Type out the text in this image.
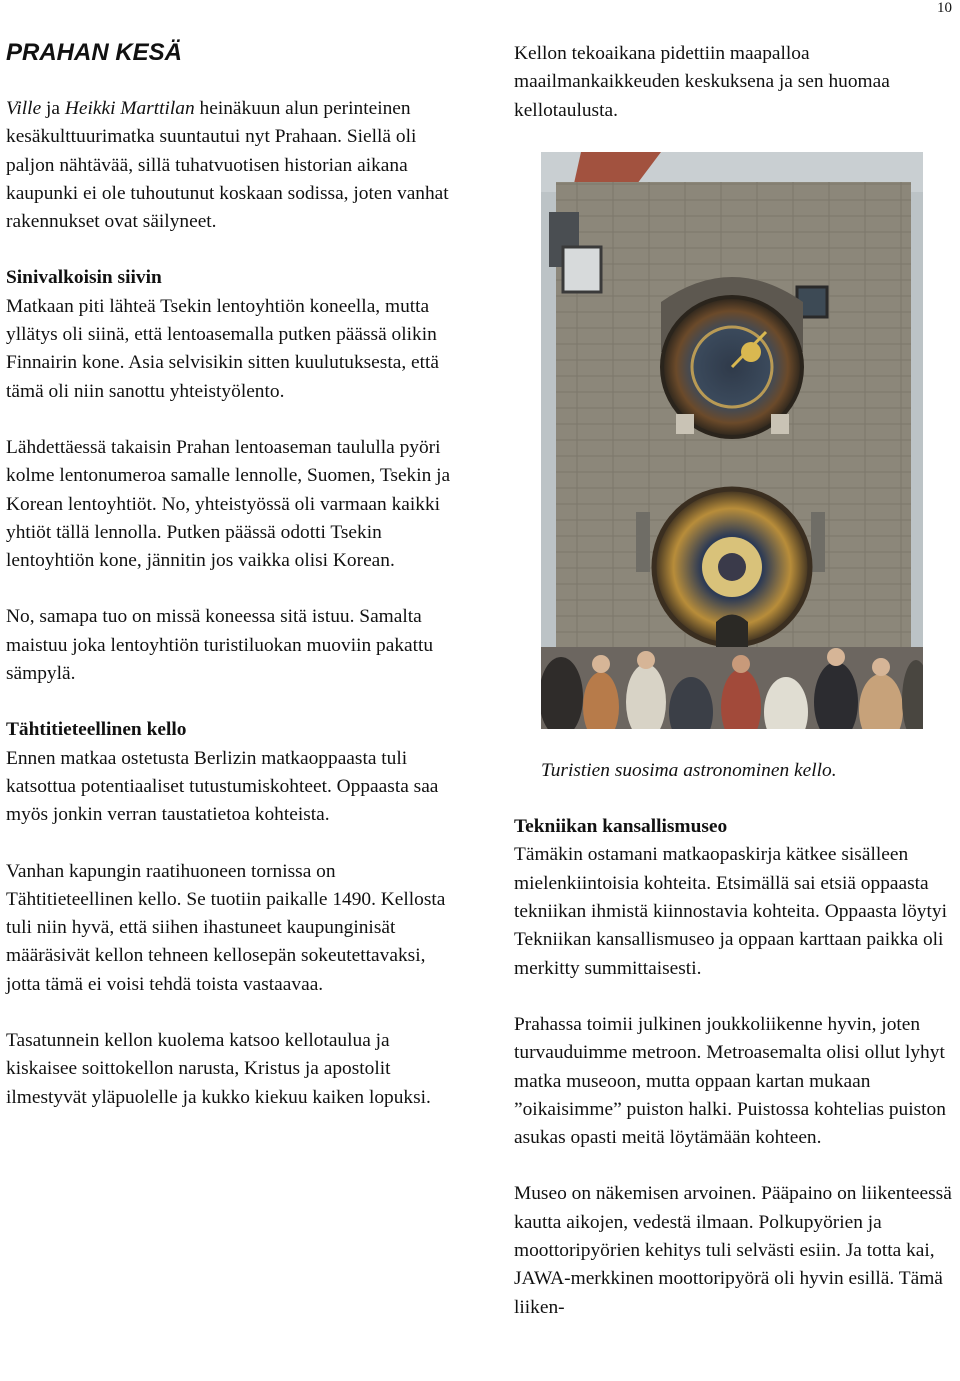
10
PRAHAN KESÄ

Ville ja Heikki Marttilan heinäkuun alun perinteinen kesäkulttuurimatka suuntautui nyt Prahaan. Siellä oli paljon nähtävää, sillä tuhatvuotisen historian aikana kaupunki ei ole tuhoutunut koskaan sodissa, joten vanhat rakennukset ovat säilyneet.

Sinivalkoisin siivin

Matkaan piti lähteä Tsekin lentoyhtiön koneella, mutta yllätys oli siinä, että lentoasemalla putken päässä olikin Finnairin kone. Asia selvisikin sitten kuulutuksesta, että tämä oli niin sanottu yhteistyölento.

Lähdettäessä takaisin Prahan lentoaseman taululla pyöri kolme lentonumeroa samalle lennolle, Suomen, Tsekin ja Korean lentoyhtiöt. No, yhteistyössä oli varmaan kaikki yhtiöt tällä lennolla. Putken päässä odotti Tsekin lentoyhtiön kone, jännitin jos vaikka olisi Korean.

No, samapa tuo on missä koneessa sitä istuu. Samalta maistuu joka lentoyhtiön turistiluokan muoviin pakattu sämpylä.

Tähtitieteellinen kello

Ennen matkaa ostetusta Berlizin matkaoppaasta tuli katsottua potentiaaliset tutustumiskohteet. Oppaasta saa myös jonkin verran taustatietoa kohteista.

Vanhan kapungin raatihuoneen tornissa on Tähtitieteellinen kello. Se tuotiin paikalle 1490. Kellosta tuli niin hyvä, että siihen ihastuneet kaupunginisät määräsivät kellon tehneen kellosepän sokeutettavaksi, jotta tämä ei voisi tehdä toista vastaavaa.

Tasatunnein kellon kuolema katsoo kellotaulua ja kiskaisee soittokellon narusta, Kristus ja apostolit ilmestyvät yläpuolelle ja kukko kiekuu kaiken lopuksi.

Kellon tekoaikana pidettiin maapalloa maailmankaikkeuden keskuksena ja sen huomaa kellotaulusta.

Turistien suosima astronominen kello.

Tekniikan kansallismuseo

Tämäkin ostamani matkaopaskirja kätkee sisälleen mielenkiintoisia kohteita. Etsimällä sai etsiä oppaasta tekniikan ihmistä kiinnostavia kohteita. Oppaasta löytyi Tekniikan kansallismuseo ja oppaan karttaan paikka oli merkitty summittaisesti.

Prahassa toimii julkinen joukkoliikenne hyvin, joten turvauduimme metroon. Metroasemalta olisi ollut lyhyt matka museoon, mutta oppaan kartan mukaan ”oikaisimme” puiston halki. Puistossa kohtelias puiston asukas opasti meitä löytämään kohteen.

Museo on näkemisen arvoinen. Pääpaino on liikenteessä kautta aikojen, vedestä ilmaan. Polkupyörien ja moottoripyörien kehitys tuli selvästi esiin. Ja totta kai, JAWA-merkkinen moottoripyörä oli hyvin esillä. Tämä liiken-
